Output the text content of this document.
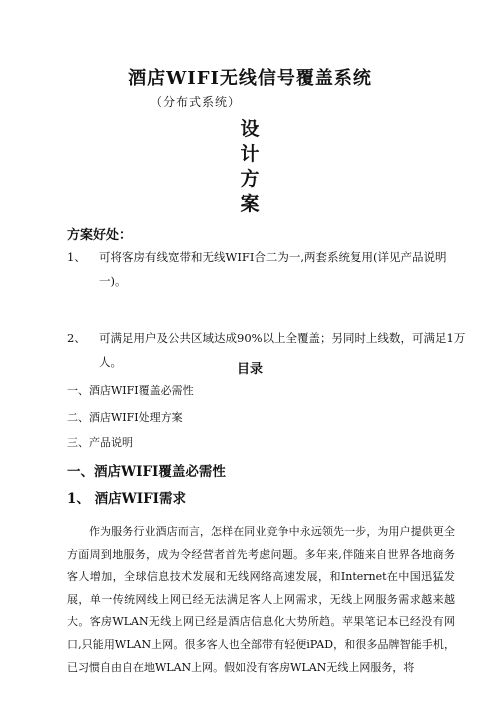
酒店WIFI无线信号覆盖系统
（分布式系统）
设
计
方
案
方案好处：
1、 可将客房有线宽带和无线WIFI合二为一,两套系统复用(详见产品说明一)。
2、 可满足用户及公共区域达成90%以上全覆盖；另同时上线数，可满足1万人。	目录
一、酒店WIFI覆盖必需性
二、酒店WIFI处理方案
三、产品说明
一、酒店WIFI覆盖必需性
1、 酒店WIFI需求
作为服务行业酒店而言，怎样在同业竞争中永远领先一步，为用户提供更全方面周到地服务，成为令经营者首先考虑问题。多年来,伴随来自世界各地商务客人增加，全球信息技术发展和无线网络高速发展，和Internet在中国迅猛发展，单一传统网线上网已经无法满足客人上网需求，无线上网服务需求越来越大。客房WLAN无线上网已经是酒店信息化大势所趋。苹果笔记本已经没有网口,只能用WLAN上网。很多客人也全部带有轻便iPAD，和很多品牌智能手机，已习惯自由自在地WLAN上网。假如没有客房WLAN无线上网服务，将
